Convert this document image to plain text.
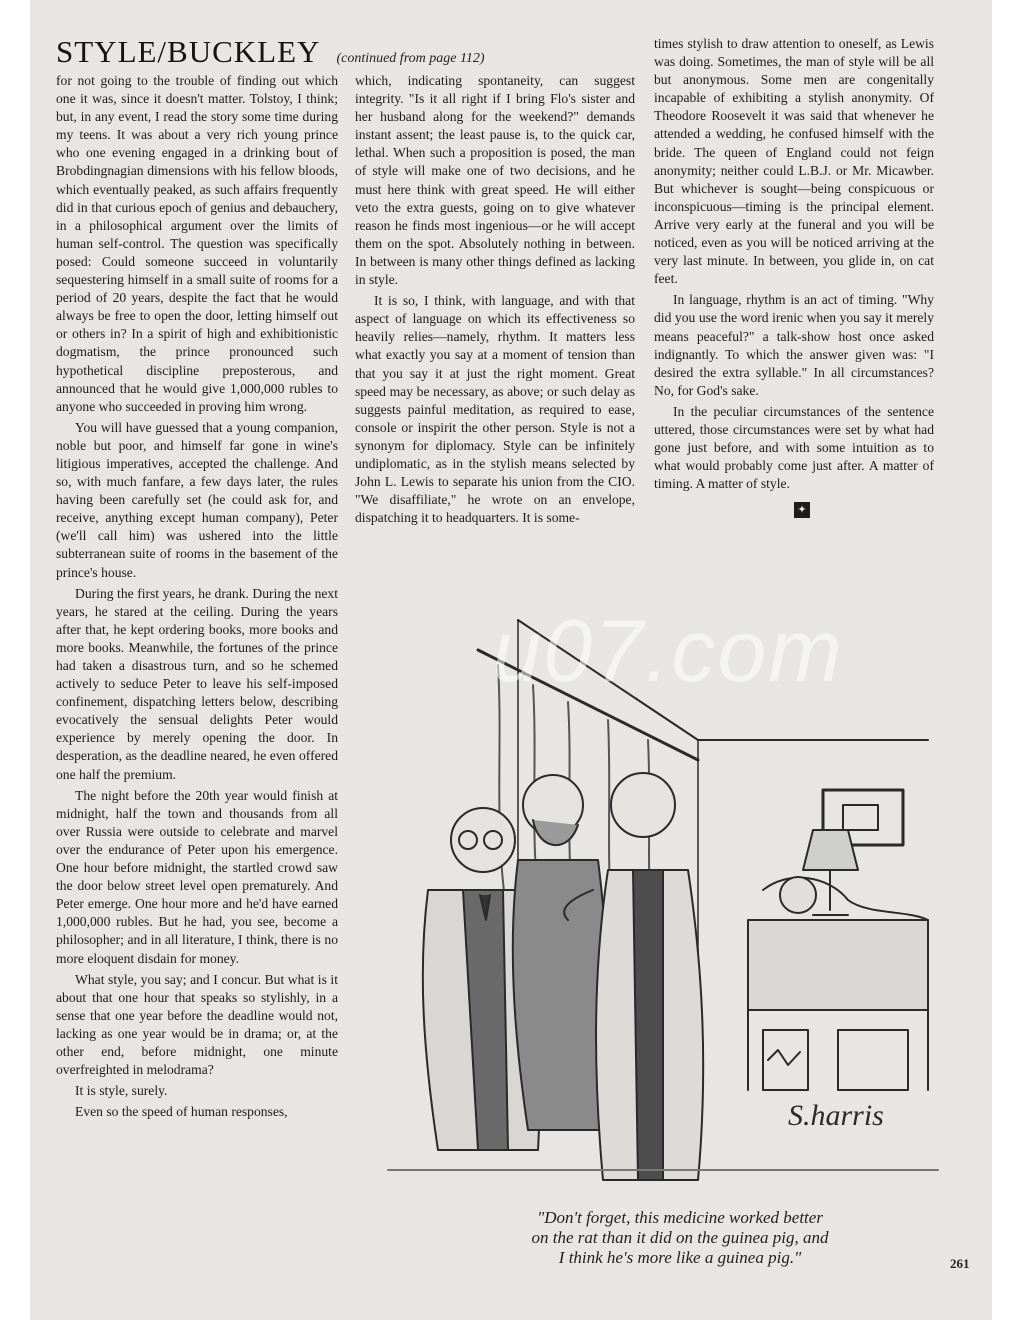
STYLE/BUCKLEY (continued from page 112)

for not going to the trouble of finding out which one it was, since it doesn't matter. Tolstoy, I think; but, in any event, I read the story some time during my teens. It was about a very rich young prince who one evening engaged in a drinking bout of Brobdingnagian dimensions with his fellow bloods, which eventually peaked, as such affairs frequently did in that curious epoch of genius and debauchery, in a philosophical argument over the limits of human self-control. The question was specifically posed: Could someone succeed in voluntarily sequestering himself in a small suite of rooms for a period of 20 years, despite the fact that he would always be free to open the door, letting himself out or others in? In a spirit of high and exhibitionistic dogmatism, the prince pronounced such hypothetical discipline preposterous, and announced that he would give 1,000,000 rubles to anyone who succeeded in proving him wrong.

You will have guessed that a young companion, noble but poor, and himself far gone in wine's litigious imperatives, accepted the challenge. And so, with much fanfare, a few days later, the rules having been carefully set (he could ask for, and receive, anything except human company), Peter (we'll call him) was ushered into the little subterranean suite of rooms in the basement of the prince's house.

During the first years, he drank. During the next years, he stared at the ceiling. During the years after that, he kept ordering books, more books and more books. Meanwhile, the fortunes of the prince had taken a disastrous turn, and so he schemed actively to seduce Peter to leave his self-imposed confinement, dispatching letters below, describing evocatively the sensual delights Peter would experience by merely opening the door. In desperation, as the deadline neared, he even offered one half the premium.

The night before the 20th year would finish at midnight, half the town and thousands from all over Russia were outside to celebrate and marvel over the endurance of Peter upon his emergence. One hour before midnight, the startled crowd saw the door below street level open prematurely. And Peter emerge. One hour more and he'd have earned 1,000,000 rubles. But he had, you see, become a philosopher; and in all literature, I think, there is no more eloquent disdain for money.

What style, you say; and I concur. But what is it about that one hour that speaks so stylishly, in a sense that one year before the deadline would not, lacking as one year would be in drama; or, at the other end, before midnight, one minute overfreighted in melodrama?

It is style, surely.

Even so the speed of human responses,

which, indicating spontaneity, can suggest integrity. "Is it all right if I bring Flo's sister and her husband along for the weekend?" demands instant assent; the least pause is, to the quick car, lethal. When such a proposition is posed, the man of style will make one of two decisions, and he must here think with great speed. He will either veto the extra guests, going on to give whatever reason he finds most ingenious—or he will accept them on the spot. Absolutely nothing in between. In between is many other things defined as lacking in style.

It is so, I think, with language, and with that aspect of language on which its effectiveness so heavily relies—namely, rhythm. It matters less what exactly you say at a moment of tension than that you say it at just the right moment. Great speed may be necessary, as above; or such delay as suggests painful meditation, as required to ease, console or inspirit the other person. Style is not a synonym for diplomacy. Style can be infinitely undiplomatic, as in the stylish means selected by John L. Lewis to separate his union from the CIO. "We disaffiliate," he wrote on an envelope, dispatching it to headquarters. It is some-

times stylish to draw attention to oneself, as Lewis was doing. Sometimes, the man of style will be all but anonymous. Some men are congenitally incapable of exhibiting a stylish anonymity. Of Theodore Roosevelt it was said that whenever he attended a wedding, he confused himself with the bride. The queen of England could not feign anonymity; neither could L.B.J. or Mr. Micawber. But whichever is sought—being conspicuous or inconspicuous—timing is the principal element. Arrive very early at the funeral and you will be noticed, even as you will be noticed arriving at the very last minute. In between, you glide in, on cat feet.

In language, rhythm is an act of timing. "Why did you use the word irenic when you say it merely means peaceful?" a talk-show host once asked indignantly. To which the answer given was: "I desired the extra syllable." In all circumstances? No, for God's sake.

In the peculiar circumstances of the sentence uttered, those circumstances were set by what had gone just before, and with some intuition as to what would probably come just after. A matter of timing. A matter of style.

✦
S.harris
u07.com
"Don't forget, this medicine worked better
on the rat than it did on the guinea pig, and
I think he's more like a guinea pig."	261
